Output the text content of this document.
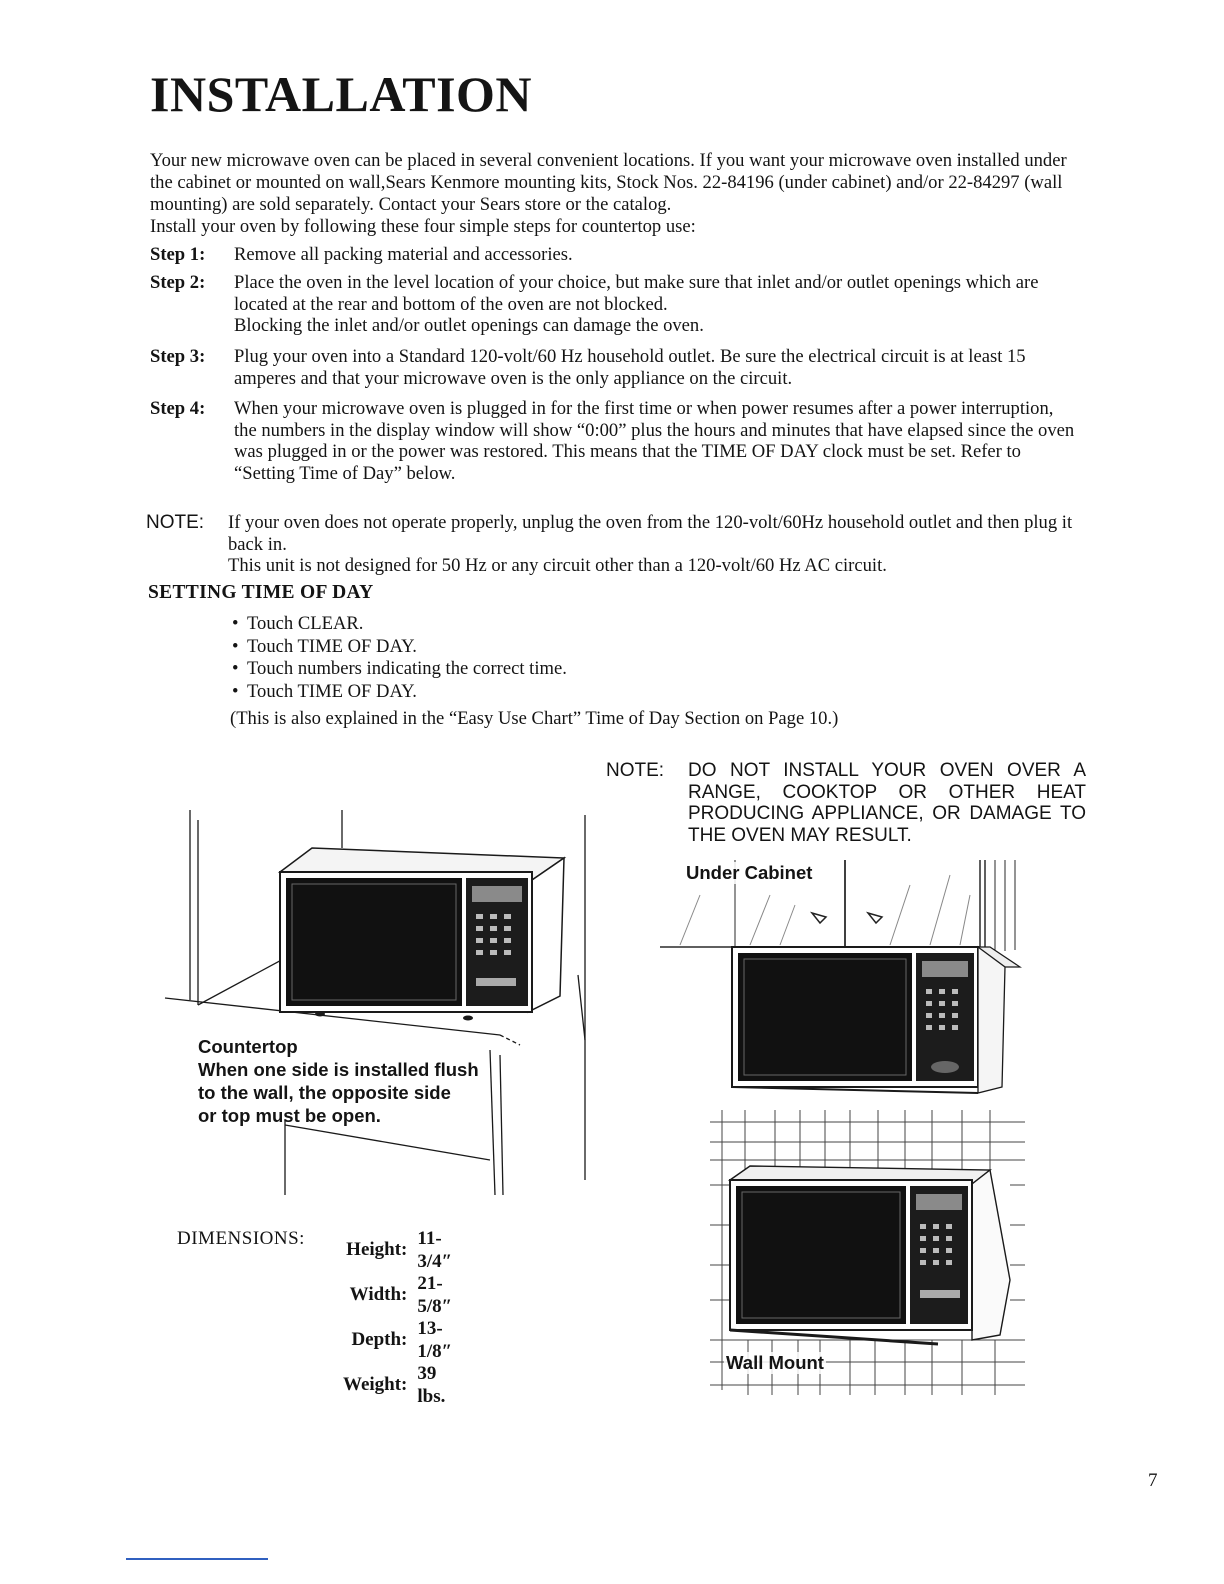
INSTALLATION

Your new microwave oven can be placed in several convenient locations. If you want your microwave oven installed under the cabinet or mounted on wall,Sears Kenmore mounting kits, Stock Nos. 22-84196 (under cabinet) and/or 22-84297 (wall mounting) are sold separately. Contact your Sears store or the catalog.

Install your oven by following these four simple steps for countertop use:

Step 1: Remove all packing material and accessories.

Step 2: Place the oven in the level location of your choice, but make sure that inlet and/or outlet openings which are located at the rear and bottom of the oven are not blocked.

Blocking the inlet and/or outlet openings can damage the oven.

Step 3: Plug your oven into a Standard 120-volt/60 Hz household outlet. Be sure the electrical circuit is at least 15 amperes and that your microwave oven is the only appliance on the circuit.

Step 4: When your microwave oven is plugged in for the first time or when power resumes after a power interruption, the numbers in the display window will show “0:00” plus the hours and minutes that have elapsed since the oven was plugged in or the power was restored. This means that the TIME OF DAY clock must be set. Refer to “Setting Time of Day” below.

NOTE: If your oven does not operate properly, unplug the oven from the 120-volt/60Hz household outlet and then plug it back in.

This unit is not designed for 50 Hz or any circuit other than a 120-volt/60 Hz AC circuit.

SETTING TIME OF DAY
• Touch CLEAR.
• Touch TIME OF DAY.
• Touch numbers indicating the correct time.
• Touch TIME OF DAY.

(This is also explained in the “Easy Use Chart” Time of Day Section on Page 10.)

NOTE: DO NOT INSTALL YOUR OVEN OVER A RANGE, COOKTOP OR OTHER HEAT PRODUCING APPLIANCE, OR DAMAGE TO THE OVEN MAY RESULT.

Countertop

When one side is installed flush

to the wall, the opposite side

or top must be open.

Under Cabinet

Wall Mount

DIMENSIONS:
Height:	11-3/4″
Width:	21-5/8″
Depth:	13-1/8″
Weight:	39 lbs.

7
